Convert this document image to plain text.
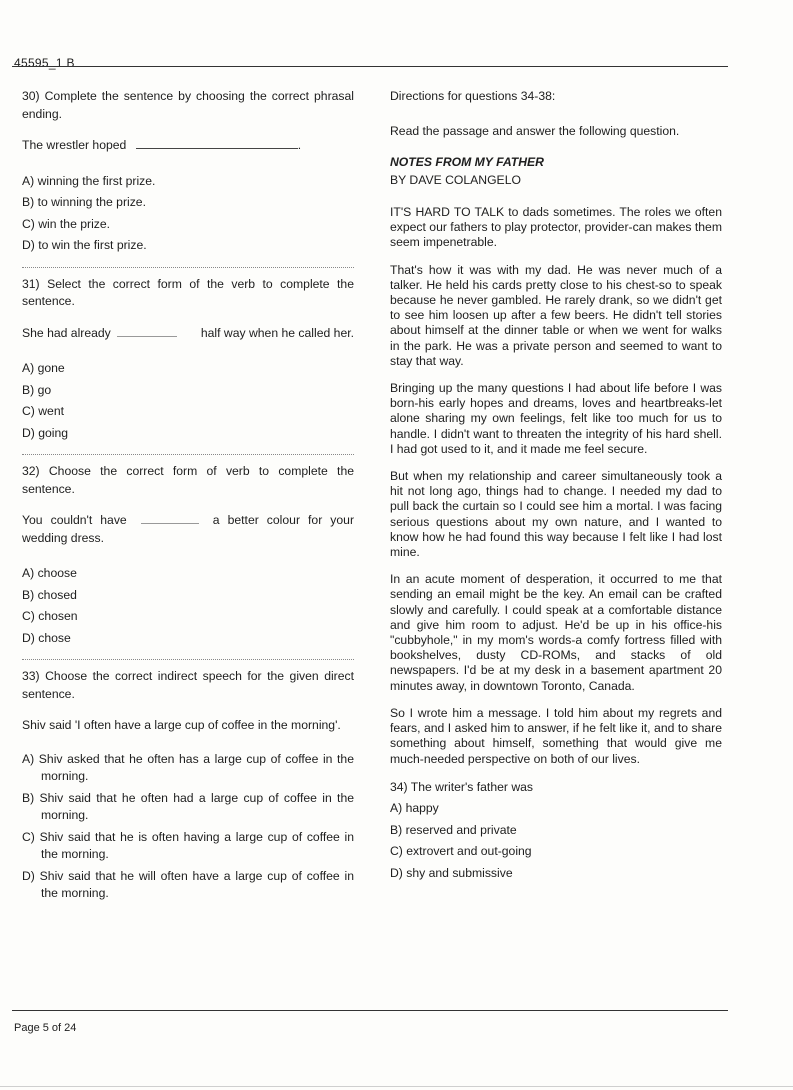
45595_1 B

30) Complete the sentence by choosing the correct phrasal ending.

The wrestler hoped	.

A) winning the first prize.

B) to winning the prize.

C) win the prize.

D) to win the first prize.

31) Select the correct form of the verb to complete the sentence.

She had already	half way when he called her.

A) gone

B) go

C) went

D) going

32) Choose the correct form of verb to complete the sentence.

You couldn't have	a better colour for your wedding dress.

A) choose

B) chosed

C) chosen

D) chose

33) Choose the correct indirect speech for the given direct sentence.

Shiv said 'I often have a large cup of coffee in the morning'.

A) Shiv asked that he often has a large cup of coffee in the morning.

B) Shiv said that he often had a large cup of coffee in the morning.

C) Shiv said that he is often having a large cup of coffee in the morning.

D) Shiv said that he will often have a large cup of coffee in the morning.

Directions for questions 34-38:

Read the passage and answer the following question.

NOTES FROM MY FATHER

BY DAVE COLANGELO

IT'S HARD TO TALK to dads sometimes. The roles we often expect our fathers to play protector, provider-can makes them seem impenetrable.

That's how it was with my dad. He was never much of a talker. He held his cards pretty close to his chest-so to speak because he never gambled. He rarely drank, so we didn't get to see him loosen up after a few beers. He didn't tell stories about himself at the dinner table or when we went for walks in the park. He was a private person and seemed to want to stay that way.

Bringing up the many questions I had about life before I was born-his early hopes and dreams, loves and heartbreaks-let alone sharing my own feelings, felt like too much for us to handle. I didn't want to threaten the integrity of his hard shell. I had got used to it, and it made me feel secure.

But when my relationship and career simultaneously took a hit not long ago, things had to change. I needed my dad to pull back the curtain so I could see him a mortal. I was facing serious questions about my own nature, and I wanted to know how he had found this way because I felt like I had lost mine.

In an acute moment of desperation, it occurred to me that sending an email might be the key. An email can be crafted slowly and carefully. I could speak at a comfortable distance and give him room to adjust. He'd be up in his office-his "cubbyhole," in my mom's words-a comfy fortress filled with bookshelves, dusty CD-ROMs, and stacks of old newspapers. I'd be at my desk in a basement apartment 20 minutes away, in downtown Toronto, Canada.

So I wrote him a message. I told him about my regrets and fears, and I asked him to answer, if he felt like it, and to share something about himself, something that would give me much-needed perspective on both of our lives.

34) The writer's father was

A) happy

B) reserved and private

C) extrovert and out-going

D) shy and submissive

Page 5 of 24
